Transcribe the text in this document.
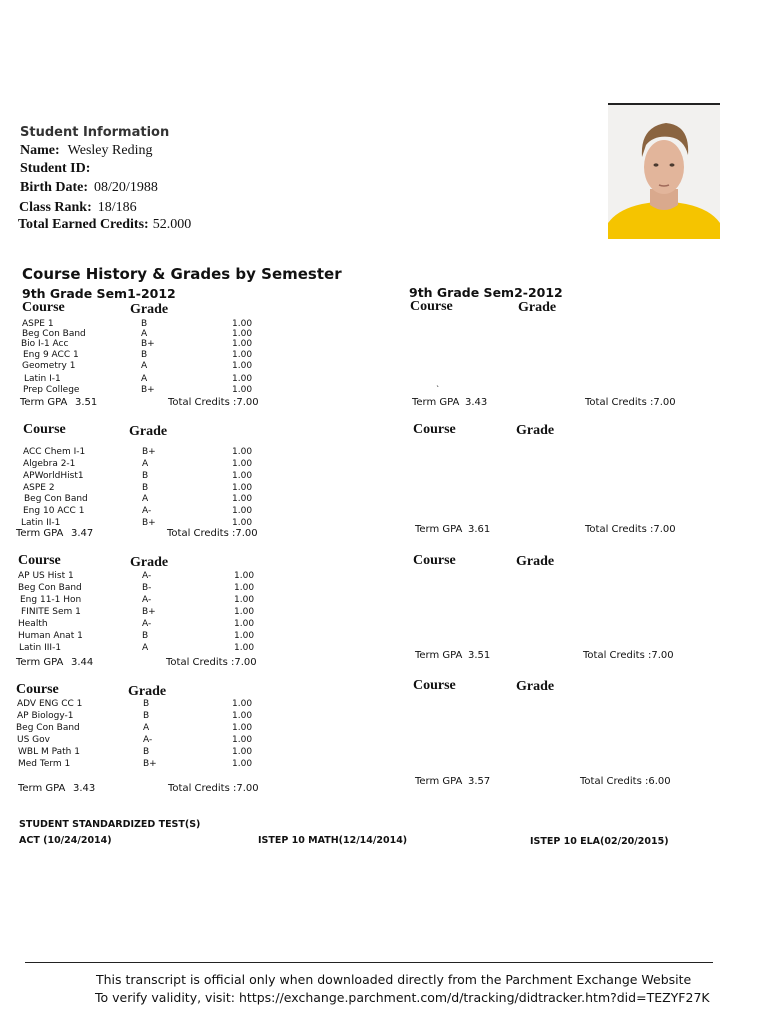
Student Information
Name: Wesley Reding
Student ID:
Birth Date: 08/20/1988
Class Rank: 18/186
Total Earned Credits: 52.000
Course History & Grades by Semester
9th Grade Sem1-2012	9th Grade Sem2-2012
ˎ
Course	Grade
ASPE 1	B	1.00
Beg Con Band	A	1.00
Bio I-1 Acc	B+	1.00
Eng 9 ACC 1	B	1.00
Geometry 1	A	1.00
Latin I-1	A	1.00
Prep College	B+	1.00
Term GPA 3.51	Total Credits :7.00
Course	Grade
ACC Chem I-1	B+	1.00
Algebra 2-1	A	1.00
APWorldHist1	B	1.00
ASPE 2	B	1.00
Beg Con Band	A	1.00
Eng 10 ACC 1	A-	1.00
Latin II-1	B+	1.00
Term GPA 3.47	Total Credits :7.00
Course	Grade
AP US Hist 1	A-	1.00
Beg Con Band	B-	1.00
Eng 11-1 Hon	A-	1.00
FINITE Sem 1	B+	1.00
Health	A-	1.00
Human Anat 1	B	1.00
Latin III-1	A	1.00
Term GPA 3.44	Total Credits :7.00
Course	Grade
ADV ENG CC 1	B	1.00
AP Biology-1	B	1.00
Beg Con Band	A	1.00
US Gov	A-	1.00
WBL M Path 1	B	1.00
Med Term 1	B+	1.00
Term GPA 3.43	Total Credits :7.00
Course	Grade
Term GPA 3.43	Total Credits :7.00
Course	Grade
Term GPA 3.61	Total Credits :7.00
Course	Grade
Term GPA 3.51	Total Credits :7.00
Course	Grade
Term GPA 3.57	Total Credits :6.00
STUDENT STANDARDIZED TEST(S)
ACT (10/24/2014)	ISTEP 10 MATH(12/14/2014)	ISTEP 10 ELA(02/20/2015)
This transcript is official only when downloaded directly from the Parchment Exchange Website
To verify validity, visit: https://exchange.parchment.com/d/tracking/didtracker.htm?did=TEZYF27K
